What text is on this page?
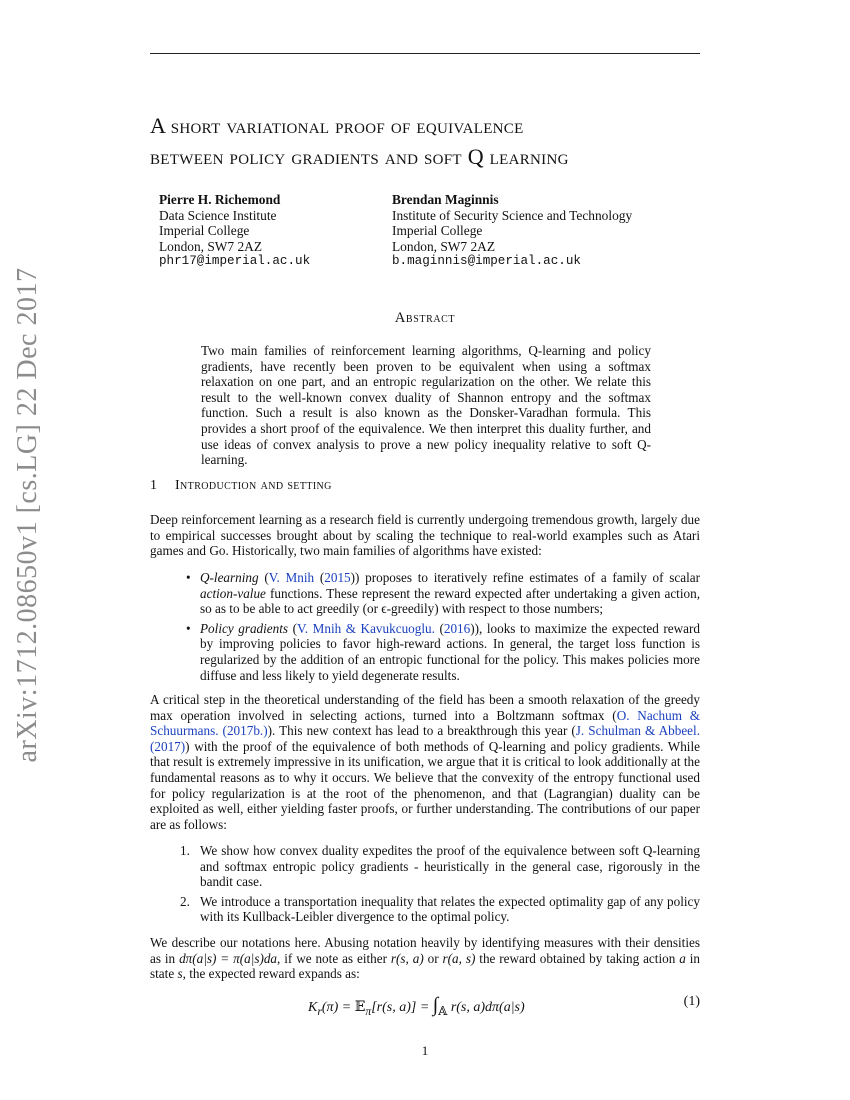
arXiv:1712.08650v1 [cs.LG] 22 Dec 2017
A short variational proof of equivalence
between policy gradients and soft Q learning
Pierre H. Richemond
Data Science Institute
Imperial College
London, SW7 2AZ
phr17@imperial.ac.uk
Brendan Maginnis
Institute of Security Science and Technology
Imperial College
London, SW7 2AZ
b.maginnis@imperial.ac.uk
Abstract

Two main families of reinforcement learning algorithms, Q-learning and policy gradients, have recently been proven to be equivalent when using a softmax relaxation on one part, and an entropic regularization on the other. We relate this result to the well-known convex duality of Shannon entropy and the softmax function. Such a result is also known as the Donsker-Varadhan formula. This provides a short proof of the equivalence. We then interpret this duality further, and use ideas of convex analysis to prove a new policy inequality relative to soft Q-learning.

1 Introduction and setting

Deep reinforcement learning as a research field is currently undergoing tremendous growth, largely due to empirical successes brought about by scaling the technique to real-world examples such as Atari games and Go. Historically, two main families of algorithms have existed:

• Q-learning (V. Mnih (2015)) proposes to iteratively refine estimates of a family of scalar action-value functions. These represent the reward expected after undertaking a given action, so as to be able to act greedily (or ϵ-greedily) with respect to those numbers;
• Policy gradients (V. Mnih & Kavukcuoglu. (2016)), looks to maximize the expected reward by improving policies to favor high-reward actions. In general, the target loss function is regularized by the addition of an entropic functional for the policy. This makes policies more diffuse and less likely to yield degenerate results.

A critical step in the theoretical understanding of the field has been a smooth relaxation of the greedy max operation involved in selecting actions, turned into a Boltzmann softmax (O. Nachum & Schuurmans. (2017b.)). This new context has lead to a breakthrough this year (J. Schulman & Abbeel. (2017)) with the proof of the equivalence of both methods of Q-learning and policy gradients. While that result is extremely impressive in its unification, we argue that it is critical to look additionally at the fundamental reasons as to why it occurs. We believe that the convexity of the entropy functional used for policy regularization is at the root of the phenomenon, and that (Lagrangian) duality can be exploited as well, either yielding faster proofs, or further understanding. The contributions of our paper are as follows:

1. We show how convex duality expedites the proof of the equivalence between soft Q-learning and softmax entropic policy gradients - heuristically in the general case, rigorously in the bandit case.
2. We introduce a transportation inequality that relates the expected optimality gap of any policy with its Kullback-Leibler divergence to the optimal policy.

We describe our notations here. Abusing notation heavily by identifying measures with their densities as in dπ(a|s) = π(a|s)da, if we note as either r(s, a) or r(a, s) the reward obtained by taking action a in state s, the expected reward expands as:

$K_r(\pi)$ = 𝔼$_\pi$[r(s, $a)] = \int_𝔸$ r(s, a)dπ(a|s)	(1)
1
